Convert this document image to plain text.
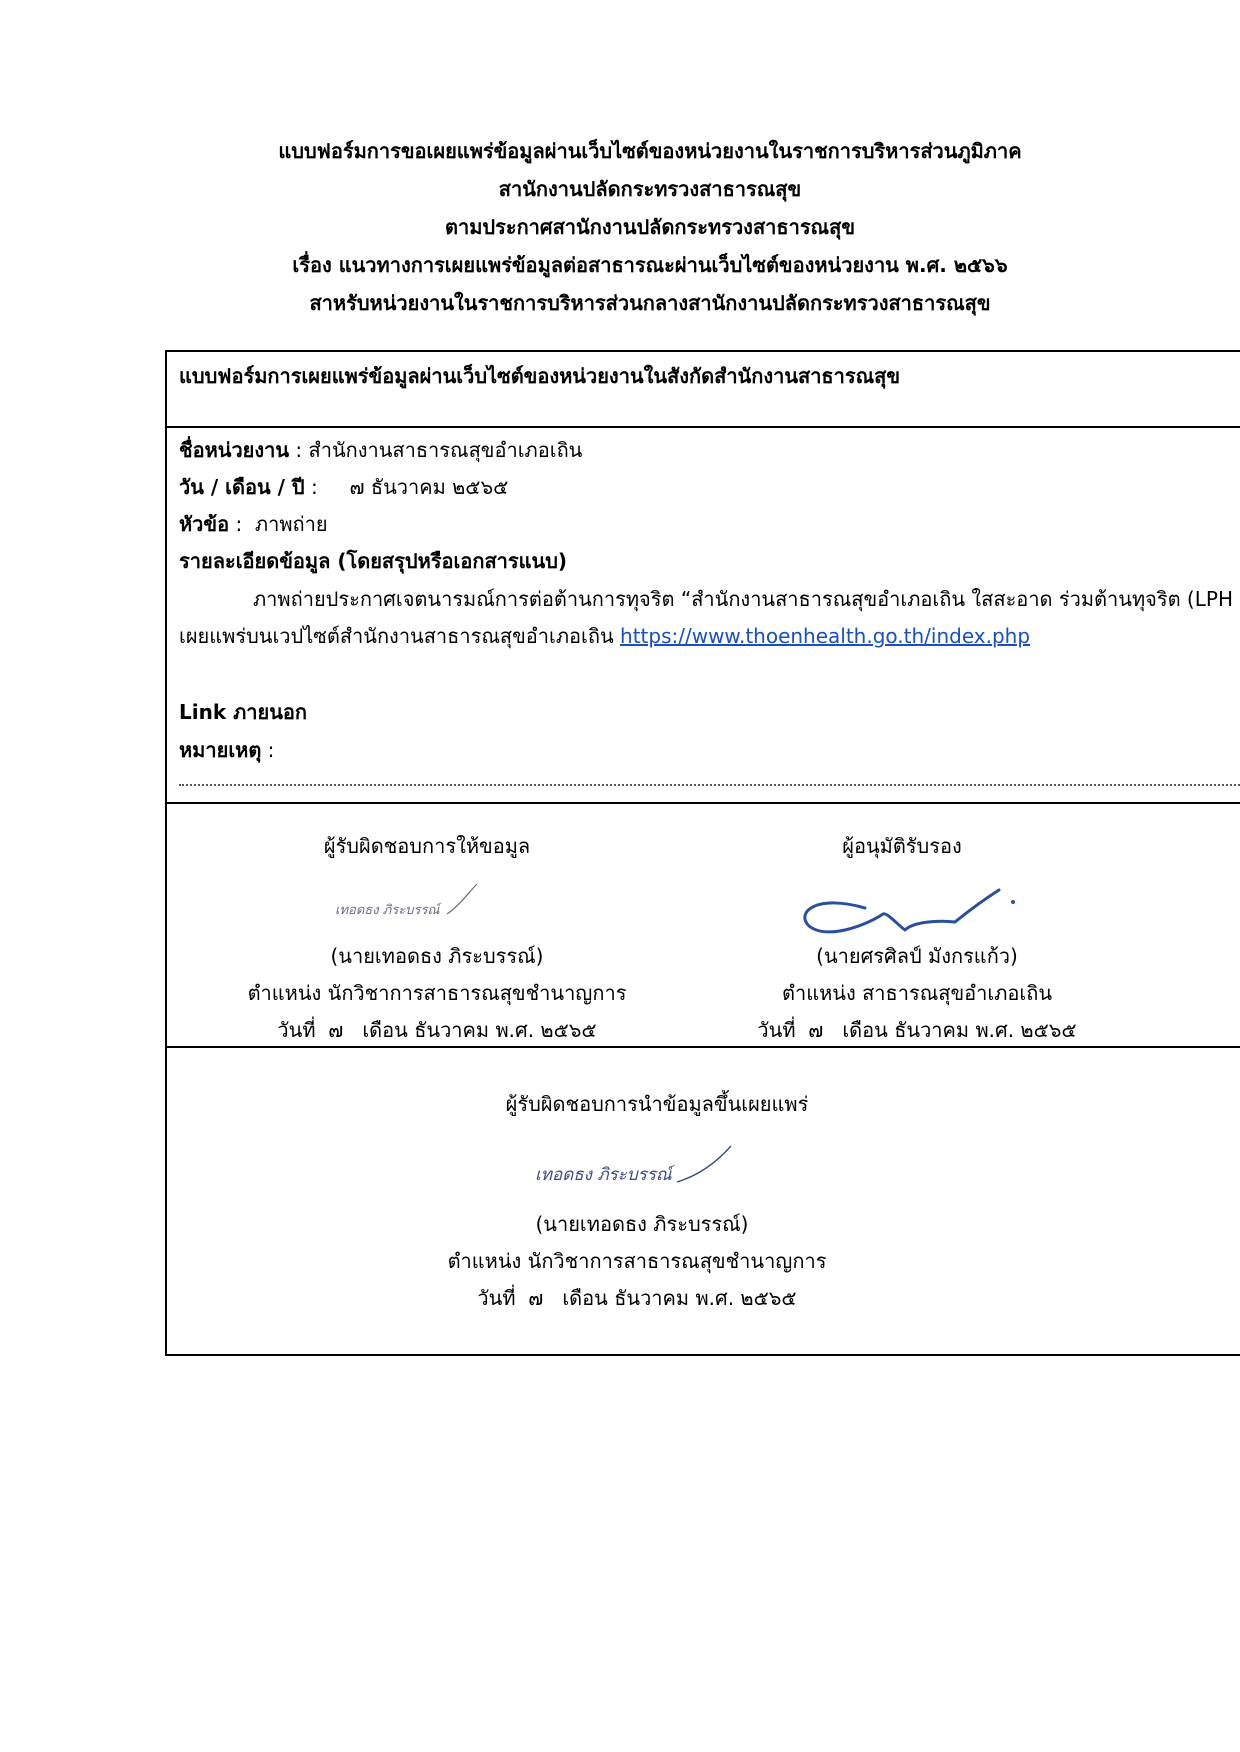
แบบฟอร์มการขอเผยแพร่ข้อมูลผ่านเว็บไซต์ของหน่วยงานในราชการบริหารส่วนภูมิภาค
สานักงานปลัดกระทรวงสาธารณสุข
ตามประกาศสานักงานปลัดกระทรวงสาธารณสุข
เรื่อง แนวทางการเผยแพร่ข้อมูลต่อสาธารณะผ่านเว็บไซต์ของหน่วยงาน พ.ศ. ๒๕๖๖
สาหรับหน่วยงานในราชการบริหารส่วนกลางสานักงานปลัดกระทรวงสาธารณสุข
แบบฟอร์มการเผยแพร่ข้อมูลผ่านเว็บไซต์ของหน่วยงานในสังกัดสำนักงานสาธารณสุข
ชื่อหน่วยงาน : สำนักงานสาธารณสุขอำเภอเถิน
วัน / เดือน / ปี :     ๗ ธันวาคม ๒๕๖๕
หัวข้อ :  ภาพถ่าย
รายละเอียดข้อมูล (โดยสรุปหรือเอกสารแนบ)
ภาพถ่ายประกาศเจตนารมณ์การต่อต้านการทุจริต “สำนักงานสาธารณสุขอำเภอเถิน ใสสะอาด ร่วมต้านทุจริต (LPH
เผยแพร่บนเวปไซต์สำนักงานสาธารณสุขอำเภอเถิน https://www.thoenhealth.go.th/index.php
Link ภายนอก
หมายเหตุ :
ผู้รับผิดชอบการให้ขอมูล
เทอดธง ภิระบรรณ์
(นายเทอดธง ภิระบรรณ์)
ตำแหน่ง นักวิชาการสาธารณสุขชำนาญการ
วันที่  ๗   เดือน ธันวาคม พ.ศ. ๒๕๖๕
ผู้อนุมัติรับรอง
(นายศรศิลป์ มังกรแก้ว)
ตำแหน่ง สาธารณสุขอำเภอเถิน
วันที่  ๗   เดือน ธันวาคม พ.ศ. ๒๕๖๕
ผู้รับผิดชอบการนำข้อมูลขึ้นเผยแพร่
เทอดธง ภิระบรรณ์
(นายเทอดธง ภิระบรรณ์)
ตำแหน่ง นักวิชาการสาธารณสุขชำนาญการ
วันที่  ๗   เดือน ธันวาคม พ.ศ. ๒๕๖๕
